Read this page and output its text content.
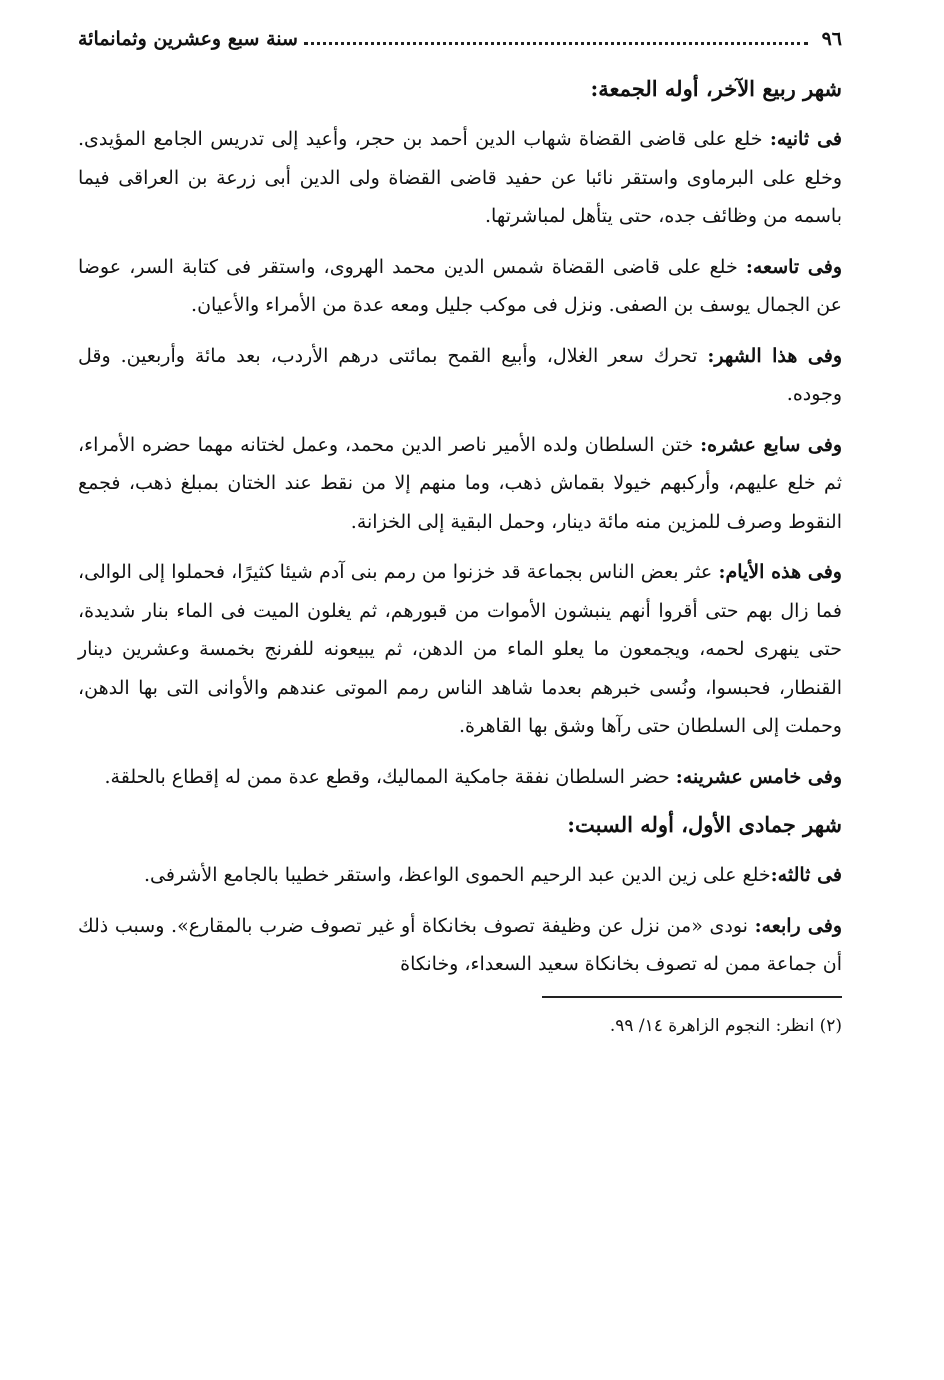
٩٦
سنة سبع وعشرين وثمانمائة
شهر ربيع الآخر، أوله الجمعة:

فى ثانيه: خلع على قاضى القضاة شهاب الدين أحمد بن حجر، وأعيد إلى تدريس الجامع المؤيدى. وخلع على البرماوى واستقر نائبا عن حفيد قاضى القضاة ولى الدين أبى زرعة بن العراقى فيما باسمه من وظائف جده، حتى يتأهل لمباشرتها.

وفى تاسعه: خلع على قاضى القضاة شمس الدين محمد الهروى، واستقر فى كتابة السر، عوضا عن الجمال يوسف بن الصفى. ونزل فى موكب جليل ومعه عدة من الأمراء والأعيان.

وفى هذا الشهر: تحرك سعر الغلال، وأبيع القمح بمائتى درهم الأردب، بعد مائة وأربعين. وقل وجوده.

وفى سابع عشره: ختن السلطان ولده الأمير ناصر الدين محمد، وعمل لختانه مهما حضره الأمراء، ثم خلع عليهم، وأركبهم خيولا بقماش ذهب، وما منهم إلا من نقط عند الختان بمبلغ ذهب، فجمع النقوط وصرف للمزين منه مائة دينار، وحمل البقية إلى الخزانة.

وفى هذه الأيام: عثر بعض الناس بجماعة قد خزنوا من رمم بنى آدم شيئا كثيرًا، فحملوا إلى الوالى، فما زال بهم حتى أقروا أنهم ينبشون الأموات من قبورهم، ثم يغلون الميت فى الماء بنار شديدة، حتى ينهرى لحمه، ويجمعون ما يعلو الماء من الدهن، ثم يبيعونه للفرنج بخمسة وعشرين دينار القنطار، فحبسوا، ونُسى خبرهم بعدما شاهد الناس رمم الموتى عندهم والأوانى التى بها الدهن، وحملت إلى السلطان حتى رآها وشق بها القاهرة.

وفى خامس عشرينه: حضر السلطان نفقة جامكية المماليك، وقطع عدة ممن له إقطاع بالحلقة.

شهر جمادى الأول، أوله السبت:

فى ثالثه:خلع على زين الدين عبد الرحيم الحموى الواعظ، واستقر خطيبا بالجامع الأشرفى.

وفى رابعه: نودى «من نزل عن وظيفة تصوف بخانكاة أو غير تصوف ضرب بالمقارع». وسبب ذلك أن جماعة ممن له تصوف بخانكاة سعيد السعداء، وخانكاة

(٢) انظر: النجوم الزاهرة ١٤/ ٩٩.
